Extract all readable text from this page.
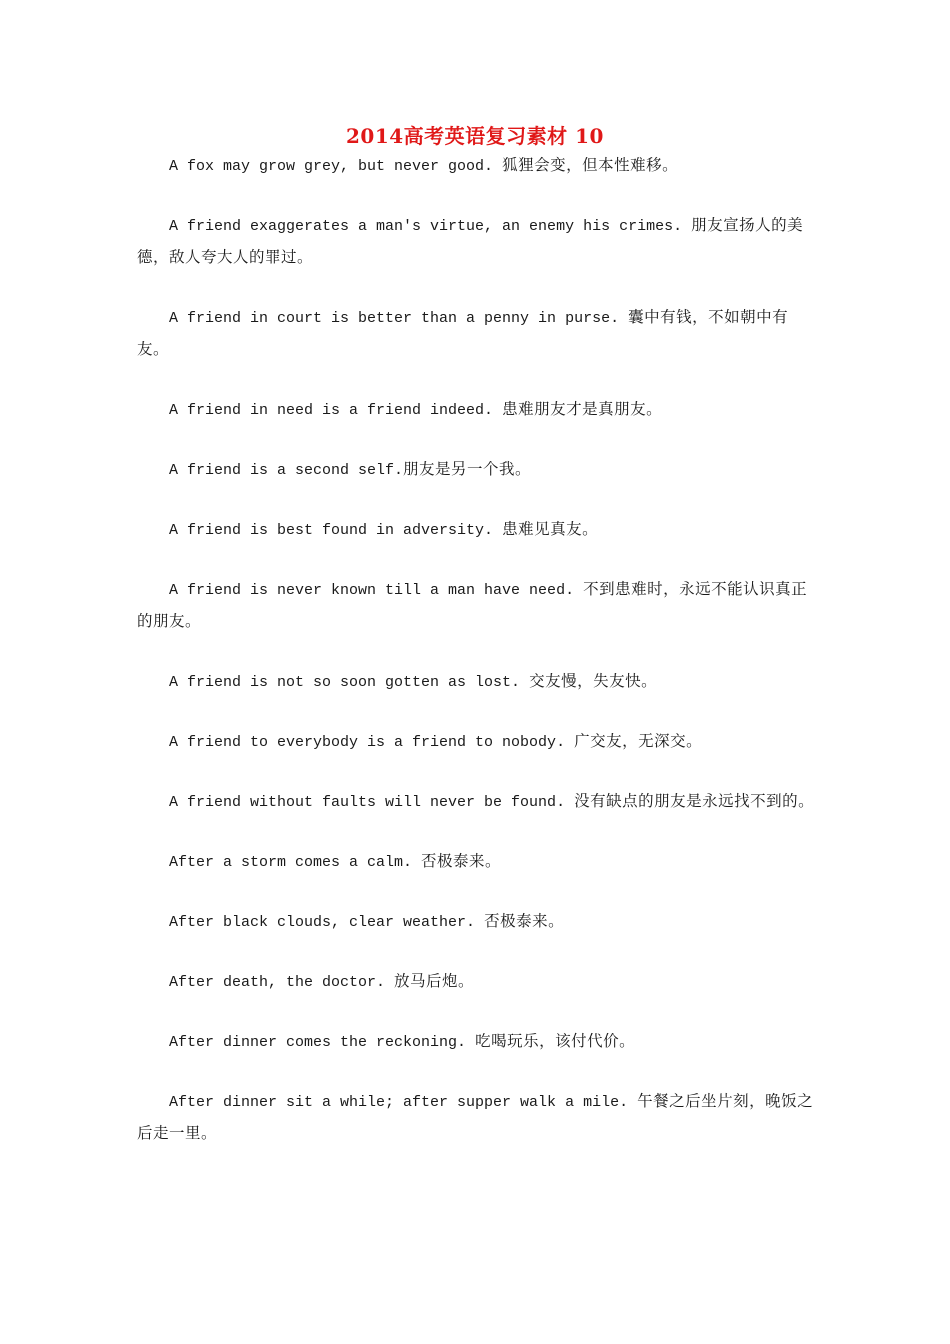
2014高考英语复习素材 10

A fox may grow grey, but never good. 狐狸会变，但本性难移。

A friend exaggerates a man's virtue, an enemy his crimes. 朋友宣扬人的美德，敌人夸大人的罪过。

A friend in court is better than a penny in purse. 囊中有钱，不如朝中有友。

A friend in need is a friend indeed. 患难朋友才是真朋友。

A friend is a second self.朋友是另一个我。

A friend is best found in adversity. 患难见真友。

A friend is never known till a man have need. 不到患难时，永远不能认识真正的朋友。

A friend is not so soon gotten as lost. 交友慢，失友快。

A friend to everybody is a friend to nobody. 广交友，无深交。

A friend without faults will never be found. 没有缺点的朋友是永远找不到的。

After a storm comes a calm. 否极泰来。

After black clouds, clear weather. 否极泰来。

After death, the doctor. 放马后炮。

After dinner comes the reckoning. 吃喝玩乐，该付代价。

After dinner sit a while; after supper walk a mile. 午餐之后坐片刻，晚饭之后走一里。
